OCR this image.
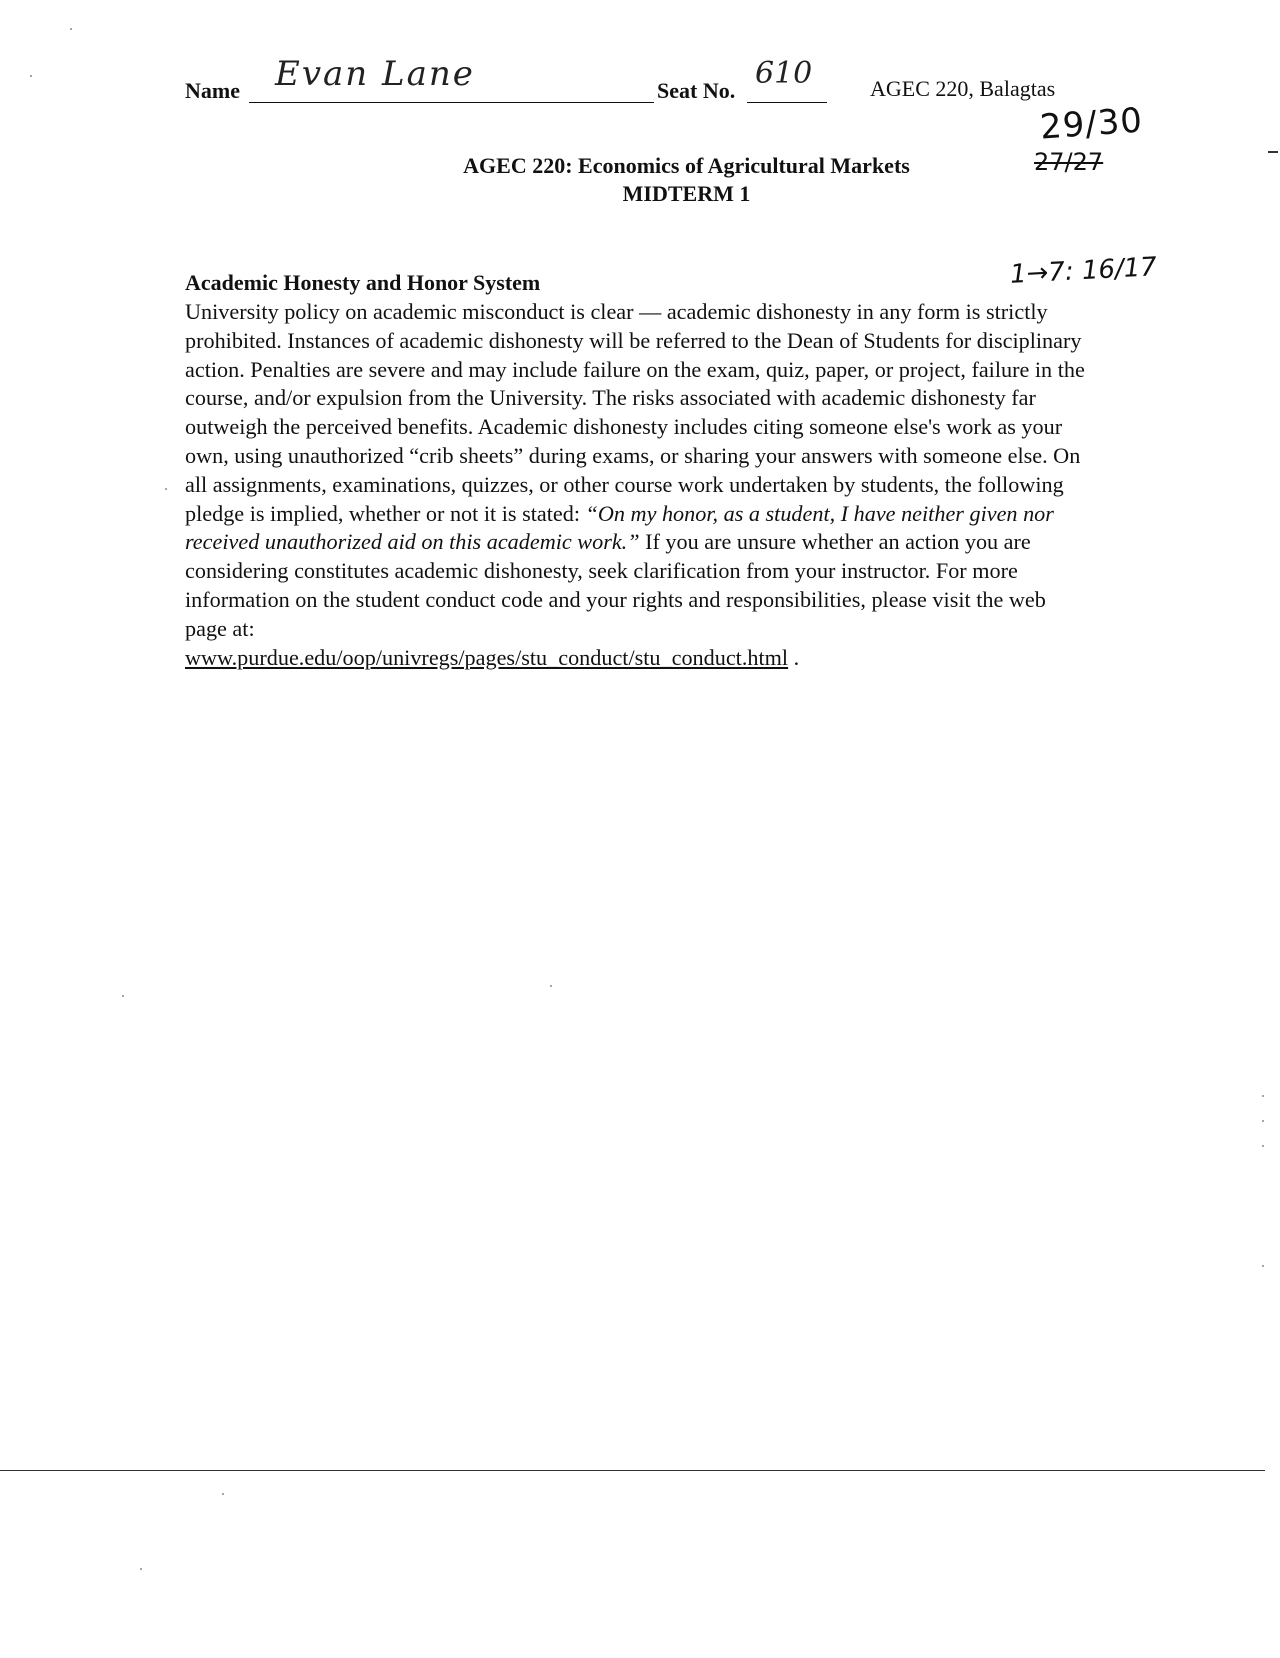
Name Evan Lane	Seat No. 610	AGEC 220, Balagtas
29/30
27/27
AGEC 220: Economics of Agricultural Markets
MIDTERM 1
1→7: 16/17
Academic Honesty and Honor System

University policy on academic misconduct is clear — academic dishonesty in any form is strictly prohibited. Instances of academic dishonesty will be referred to the Dean of Students for disciplinary action. Penalties are severe and may include failure on the exam, quiz, paper, or project, failure in the course, and/or expulsion from the University. The risks associated with academic dishonesty far outweigh the perceived benefits. Academic dishonesty includes citing someone else's work as your own, using unauthorized “crib sheets” during exams, or sharing your answers with someone else. On all assignments, examinations, quizzes, or other course work undertaken by students, the following pledge is implied, whether or not it is stated: “On my honor, as a student, I have neither given nor received unauthorized aid on this academic work.” If you are unsure whether an action you are considering constitutes academic dishonesty, seek clarification from your instructor. For more information on the student conduct code and your rights and responsibilities, please visit the web page at:
www.purdue.edu/oop/univregs/pages/stu_conduct/stu_conduct.html .
